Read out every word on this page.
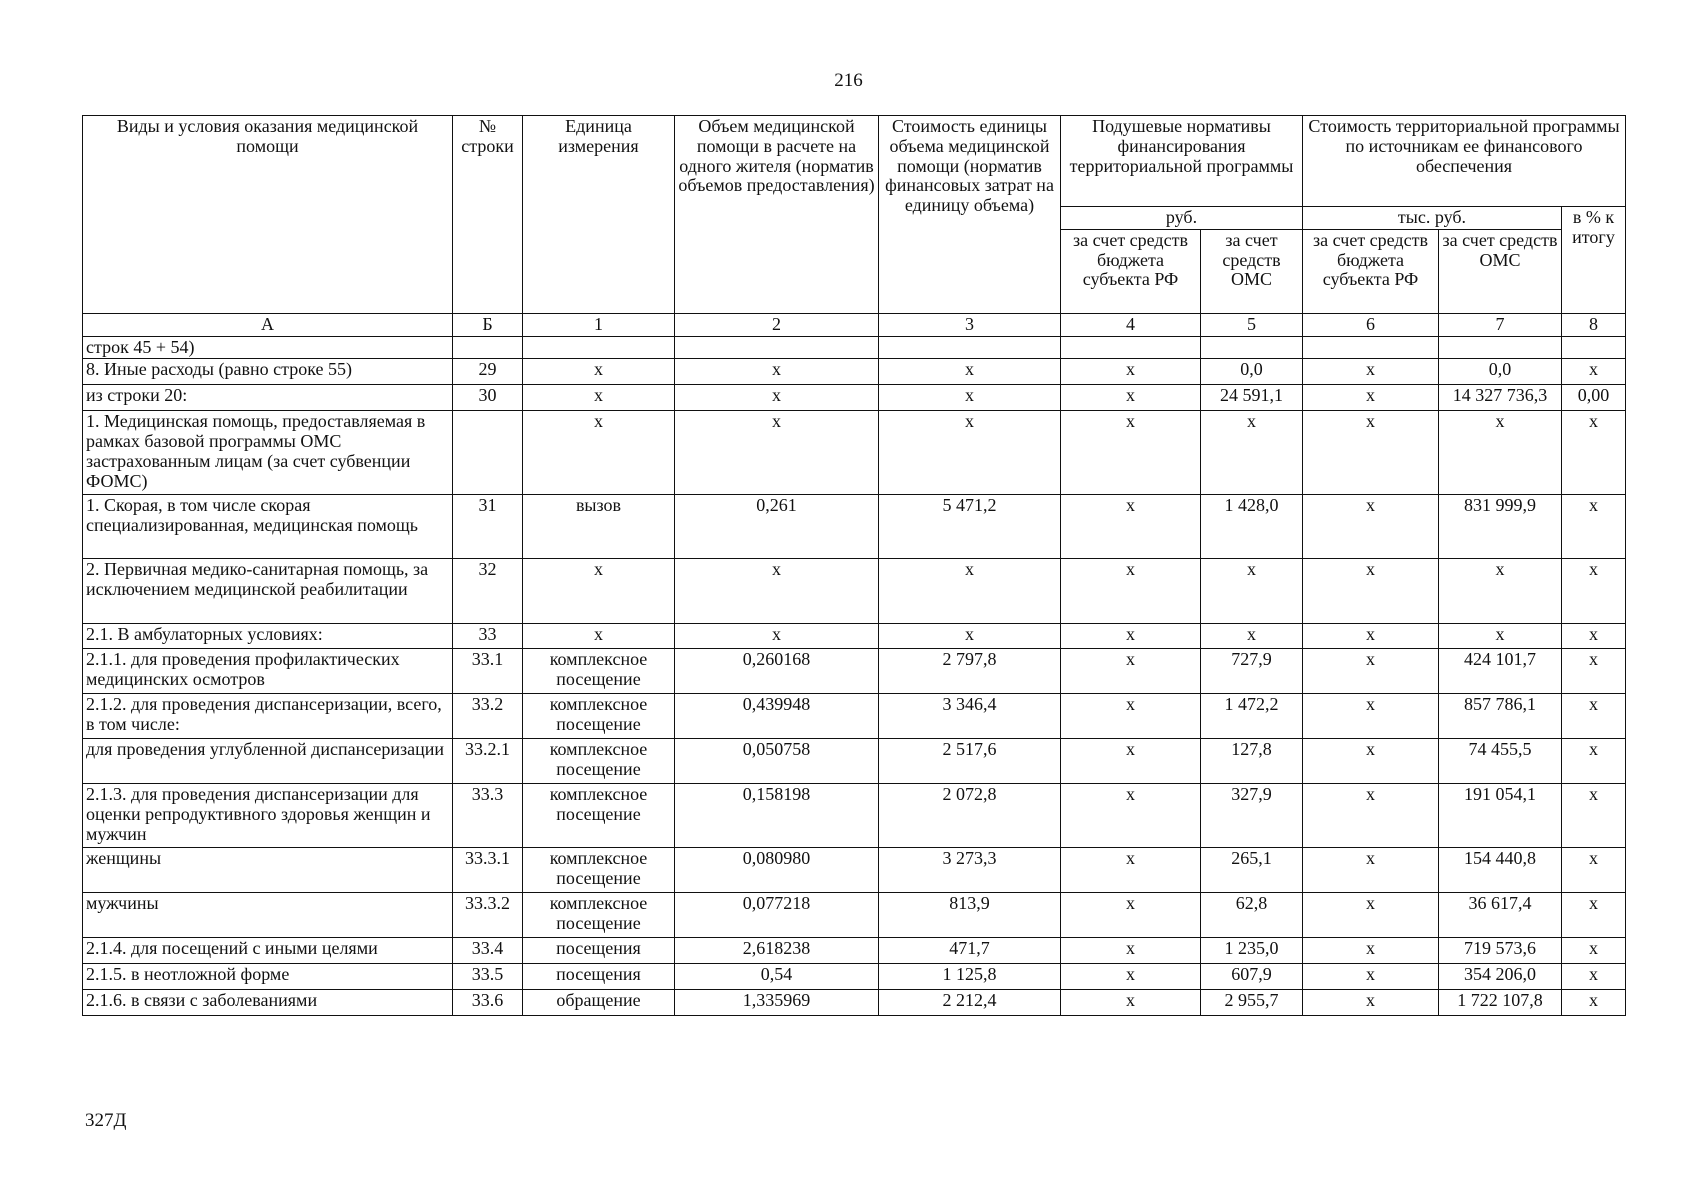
216
Виды и условия оказания медицинской помощи	№ строки	Единица измерения	Объем медицинской помощи в расчете на одного жителя (норматив объемов предоставления)	Стоимость единицы объема медицинской помощи (норматив финансовых затрат на единицу объема)	Подушевые нормативы финансирования территориальной программы		Стоимость территориальной программы по источникам ее финансового обеспечения		
					руб.		тыс. руб.		в % к итогу
					за счет средств бюджета субъекта РФ	за счет средств ОМС	за счет средств бюджета субъекта РФ	за счет средств ОМС	
А	Б	1	2	3	4	5	6	7	8
строк 45 + 54)									
8. Иные расходы (равно строке 55)	29	х	х	х	х	0,0	х	0,0	х
из строки 20:	30	х	х	х	х	24 591,1	х	14 327 736,3	0,00
1. Медицинская помощь, предоставляемая в рамках базовой программы ОМС застрахованным лицам (за счет субвенции ФОМС)		х	х	х	х	х	х	х	х
1. Скорая, в том числе скорая специализированная, медицинская помощь	31	вызов	0,261	5 471,2	х	1 428,0	х	831 999,9	х
2. Первичная медико-санитарная помощь, за исключением медицинской реабилитации	32	х	х	х	х	х	х	х	х
2.1. В амбулаторных условиях:	33	х	х	х	х	х	х	х	х
2.1.1. для проведения профилактических медицинских осмотров	33.1	комплексное посещение	0,260168	2 797,8	х	727,9	х	424 101,7	х
2.1.2. для проведения диспансеризации, всего, в том числе:	33.2	комплексное посещение	0,439948	3 346,4	х	1 472,2	х	857 786,1	х
для проведения углубленной диспансеризации	33.2.1	комплексное посещение	0,050758	2 517,6	х	127,8	х	74 455,5	х
2.1.3. для проведения диспансеризации для оценки репродуктивного здоровья женщин и мужчин	33.3	комплексное посещение	0,158198	2 072,8	х	327,9	х	191 054,1	х
женщины	33.3.1	комплексное посещение	0,080980	3 273,3	х	265,1	х	154 440,8	х
мужчины	33.3.2	комплексное посещение	0,077218	813,9	х	62,8	х	36 617,4	х
2.1.4. для посещений с иными целями	33.4	посещения	2,618238	471,7	х	1 235,0	х	719 573,6	х
2.1.5. в неотложной форме	33.5	посещения	0,54	1 125,8	х	607,9	х	354 206,0	х
2.1.6. в связи с заболеваниями	33.6	обращение	1,335969	2 212,4	х	2 955,7	х	1 722 107,8	х
327Д
